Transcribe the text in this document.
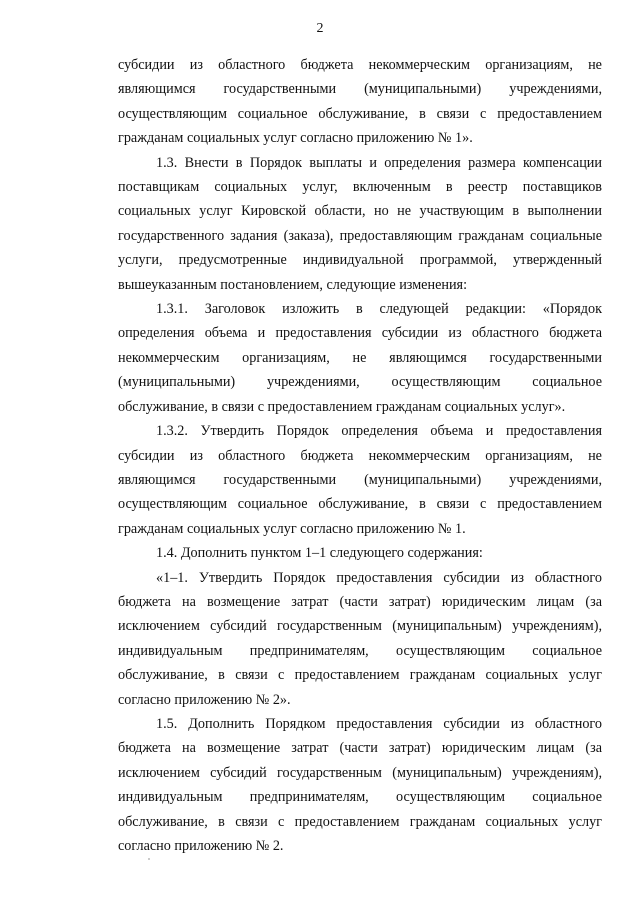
2

субсидии из областного бюджета некоммерческим организациям, не являющимся государственными (муниципальными) учреждениями, осуществляющим социальное обслуживание, в связи с предоставлением гражданам социальных услуг согласно приложению № 1».

1.3. Внести в Порядок выплаты и определения размера компенсации поставщикам социальных услуг, включенным в реестр поставщиков социальных услуг Кировской области, но не участвующим в выполнении государственного задания (заказа), предоставляющим гражданам социальные услуги, предусмотренные индивидуальной программой, утвержденный вышеуказанным постановлением, следующие изменения:

1.3.1. Заголовок изложить в следующей редакции: «Порядок определения объема и предоставления субсидии из областного бюджета некоммерческим организациям, не являющимся государственными (муниципальными) учреждениями, осуществляющим социальное обслуживание, в связи с предоставлением гражданам социальных услуг».

1.3.2. Утвердить Порядок определения объема и предоставления субсидии из областного бюджета некоммерческим организациям, не являющимся государственными (муниципальными) учреждениями, осуществляющим социальное обслуживание, в связи с предоставлением гражданам социальных услуг согласно приложению № 1.

1.4. Дополнить пунктом 1–1 следующего содержания:

«1–1. Утвердить Порядок предоставления субсидии из областного бюджета на возмещение затрат (части затрат) юридическим лицам (за исключением субсидий государственным (муниципальным) учреждениям), индивидуальным предпринимателям, осуществляющим социальное обслуживание, в связи с предоставлением гражданам социальных услуг согласно приложению № 2».

1.5. Дополнить Порядком предоставления субсидии из областного бюджета на возмещение затрат (части затрат) юридическим лицам (за исключением субсидий государственным (муниципальным) учреждениям), индивидуальным предпринимателям, осуществляющим социальное обслуживание, в связи с предоставлением гражданам социальных услуг согласно приложению № 2.
